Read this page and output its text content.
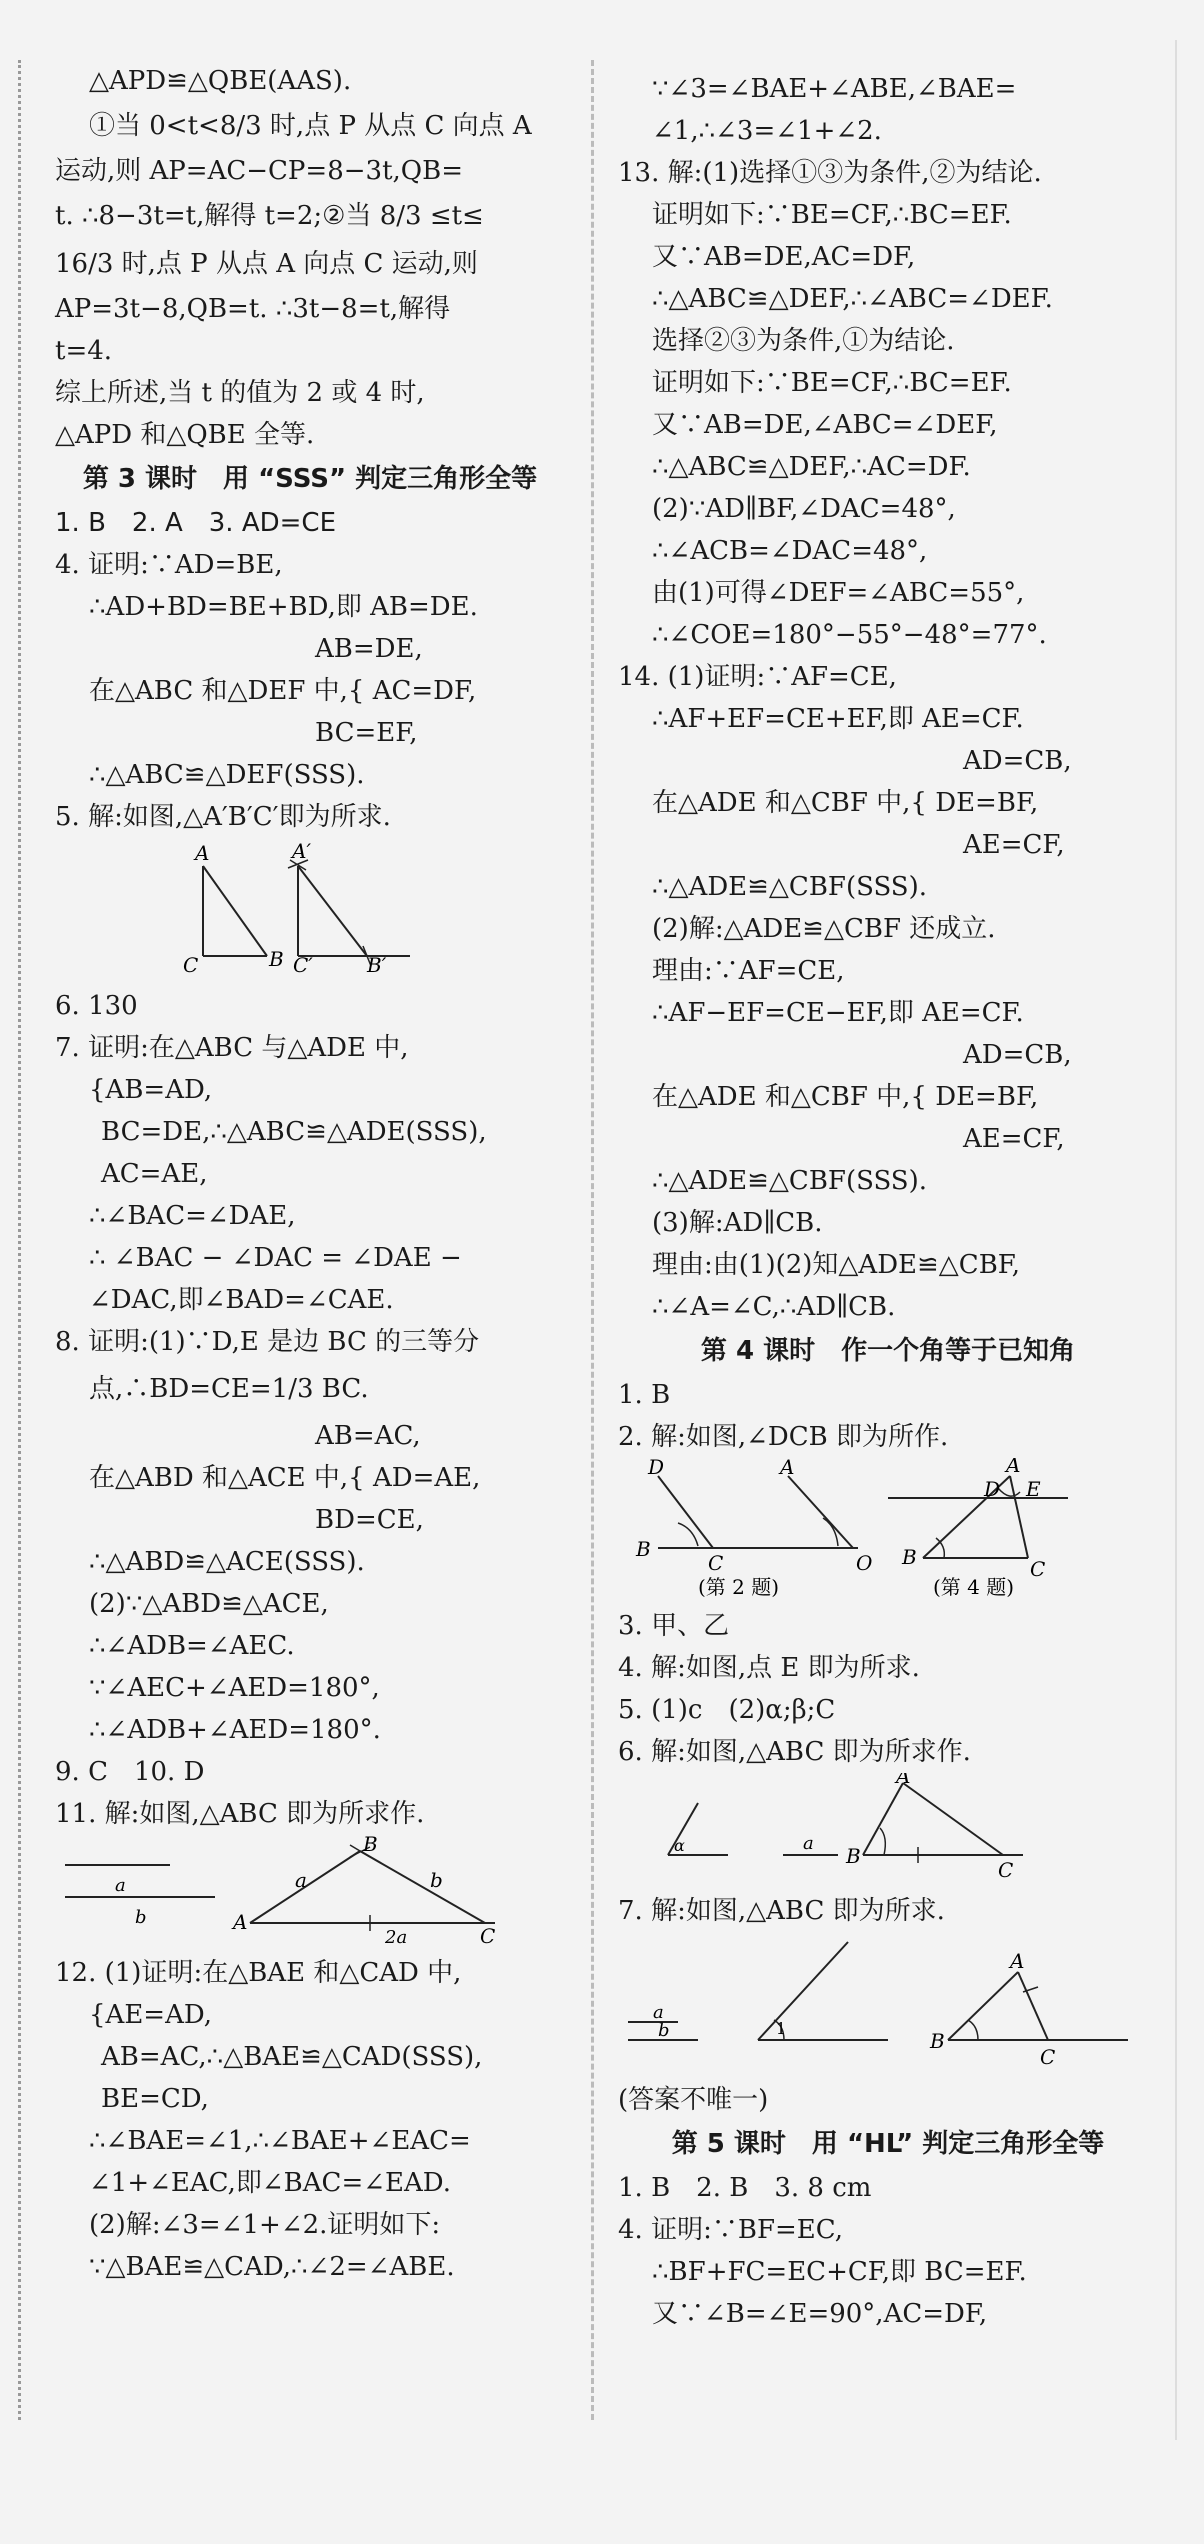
△APD≌△QBE(AAS).
①当 0<t<8/3 时,点 P 从点 C 向点 A
运动,则 AP=AC−CP=8−3t,QB=
t. ∴8−3t=t,解得 t=2;②当 8/3 ≤t≤
16/3 时,点 P 从点 A 向点 C 运动,则
AP=3t−8,QB=t. ∴3t−8=t,解得
t=4.
综上所述,当 t 的值为 2 或 4 时,
△APD 和△QBE 全等.
第 3 课时　用 “SSS” 判定三角形全等
1. B　2. A　3. AD=CE
4. 证明:∵AD=BE,
∴AD+BD=BE+BD,即 AB=DE.
AB=DE,
在△ABC 和△DEF 中,{ AC=DF,
BC=EF,
∴△ABC≌△DEF(SSS).
5. 解:如图,△A′B′C′即为所求.
A	A′
C	B C′	B′
6. 130
7. 证明:在△ABC 与△ADE 中,
{AB=AD,
BC=DE,∴△ABC≌△ADE(SSS),
AC=AE,
∴∠BAC=∠DAE,
∴ ∠BAC − ∠DAC = ∠DAE −
∠DAC,即∠BAD=∠CAE.
8. 证明:(1)∵D,E 是边 BC 的三等分
点,∴BD=CE=1/3 BC.
AB=AC,
在△ABD 和△ACE 中,{ AD=AE,
BD=CE,
∴△ABD≌△ACE(SSS).
(2)∵△ABD≌△ACE,
∴∠ADB=∠AEC.
∵∠AEC+∠AED=180°,
∴∠ADB+∠AED=180°.
9. C　10. D
11. 解:如图,△ABC 即为所求作.
a
b	A
B
b
a
2a	C
12. (1)证明:在△BAE 和△CAD 中,
{AE=AD,
AB=AC,∴△BAE≌△CAD(SSS),
BE=CD,
∴∠BAE=∠1,∴∠BAE+∠EAC=
∠1+∠EAC,即∠BAC=∠EAD.
(2)解:∠3=∠1+∠2.证明如下:
∵△BAE≌△CAD,∴∠2=∠ABE.
∵∠3=∠BAE+∠ABE,∠BAE=
∠1,∴∠3=∠1+∠2.
13. 解:(1)选择①③为条件,②为结论.
证明如下:∵BE=CF,∴BC=EF.
又∵AB=DE,AC=DF,
∴△ABC≌△DEF,∴∠ABC=∠DEF.
选择②③为条件,①为结论.
证明如下:∵BE=CF,∴BC=EF.
又∵AB=DE,∠ABC=∠DEF,
∴△ABC≌△DEF,∴AC=DF.
(2)∵AD∥BF,∠DAC=48°,
∴∠ACB=∠DAC=48°,
由(1)可得∠DEF=∠ABC=55°,
∴∠COE=180°−55°−48°=77°.
14. (1)证明:∵AF=CE,
∴AF+EF=CE+EF,即 AE=CF.
AD=CB,
在△ADE 和△CBF 中,{ DE=BF,
AE=CF,
∴△ADE≌△CBF(SSS).
(2)解:△ADE≌△CBF 还成立.
理由:∵AF=CE,
∴AF−EF=CE−EF,即 AE=CF.
AD=CB,
在△ADE 和△CBF 中,{ DE=BF,
AE=CF,
∴△ADE≌△CBF(SSS).
(3)解:AD∥CB.
理由:由(1)(2)知△ADE≌△CBF,
∴∠A=∠C,∴AD∥CB.
第 4 课时　作一个角等于已知角
1. B
2. 解:如图,∠DCB 即为所作.
D	A
B
C	O
(第 2 题)
A
D E
B	C
(第 4 题)
3. 甲、乙
4. 解:如图,点 E 即为所求.
5. (1)c　(2)α;β;C
6. 解:如图,△ABC 即为所求作.
α	a
A
B
C
7. 解:如图,△ABC 即为所求.
a
b	1
A
B
C
(答案不唯一)
第 5 课时　用 “HL” 判定三角形全等
1. B　2. B　3. 8 cm
4. 证明:∵BF=EC,
∴BF+FC=EC+CF,即 BC=EF.
又∵∠B=∠E=90°,AC=DF,
